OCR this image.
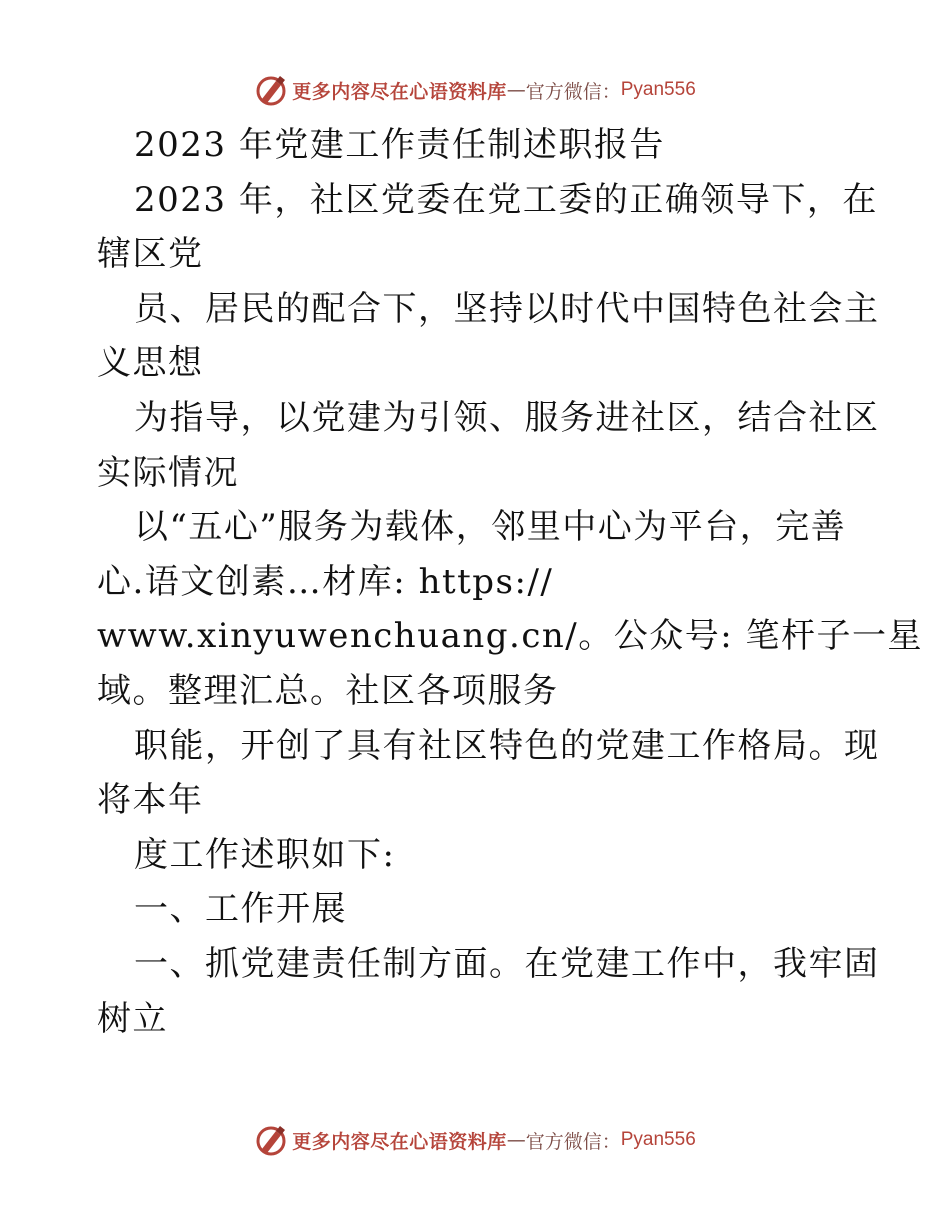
更多内容尽在心语资料库 — 官方微信： Pyan556
2023 年党建工作责任制述职报告
2023 年，社区党委在党工委的正确领导下，在
辖区党
员、居民的配合下，坚持以时代中国特色社会主
义思想
为指导，以党建为引领、服务进社区，结合社区
实际情况
以“五心”服务为载体，邻里中心为平台，完善
心.语文创素…材库: https://
www.xinyuwenchuang.cn/。公众号: 笔杆子一星
域。整理汇总。社区各项服务
职能，开创了具有社区特色的党建工作格局。现
将本年
度工作述职如下:
一、工作开展
一、抓党建责任制方面。在党建工作中，我牢固
树立
更多内容尽在心语资料库 — 官方微信： Pyan556
